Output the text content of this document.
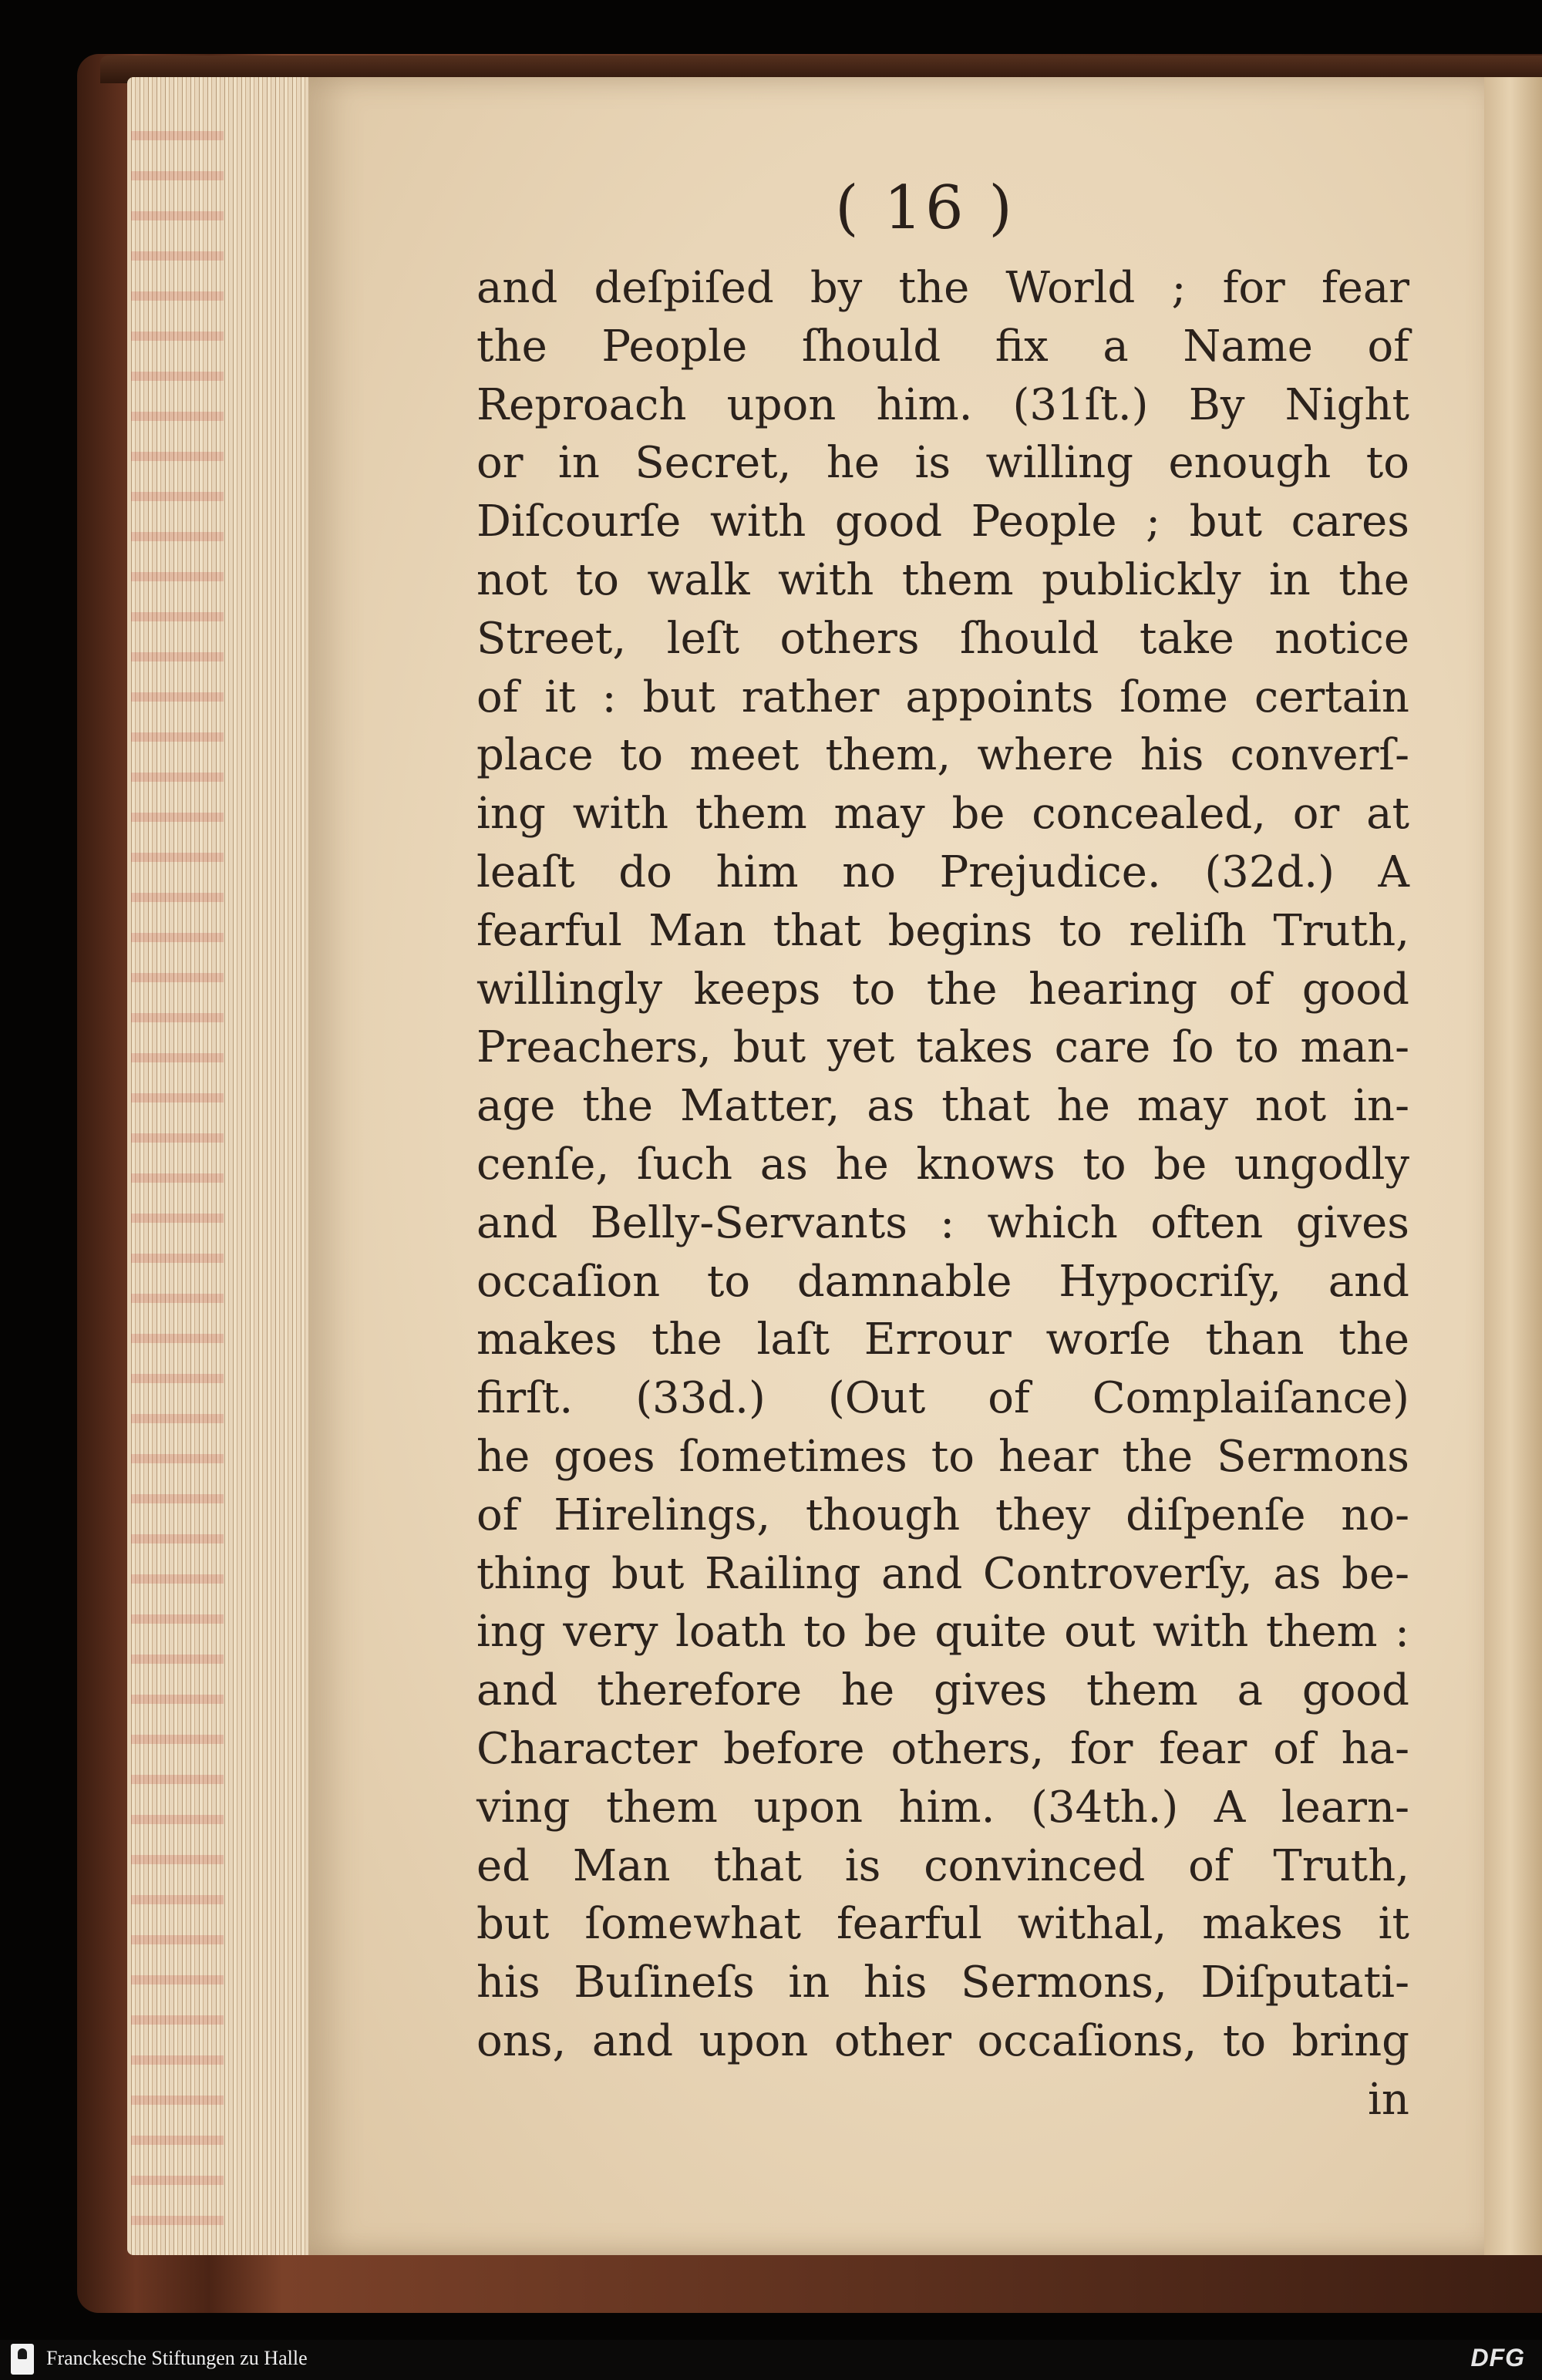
( 16 )
and deſpiſed by the World ; for fear
the People ſhould fix a Name of
Reproach upon him. (31ſt.) By Night
or in Secret, he is willing enough to
Diſcourſe with good People ; but cares
not to walk with them publickly in the
Street, leſt others ſhould take notice
of it : but rather appoints ſome certain
place to meet them, where his converſ-
ing with them may be concealed, or at
leaſt do him no Prejudice. (32d.) A
fearful Man that begins to reliſh Truth,
willingly keeps to the hearing of good
Preachers, but yet takes care ſo to man-
age the Matter, as that he may not in-
cenſe, ſuch as he knows to be ungodly
and Belly-Servants : which often gives
occaſion to damnable Hypocriſy, and
makes the laſt Errour worſe than the
firſt. (33d.) (Out of Complaiſance)
he goes ſometimes to hear the Sermons
of Hirelings, though they diſpenſe no-
thing but Railing and Controverſy, as be-
ing very loath to be quite out with them :
and therefore he gives them a good
Character before others, for fear of ha-
ving them upon him. (34th.) A learn-
ed Man that is convinced of Truth,
but ſomewhat fearful withal, makes it
his Buſineſs in his Sermons, Diſputati-
ons, and upon other occaſions, to bring
in
Franckesche Stiftungen zu Halle	DFG
